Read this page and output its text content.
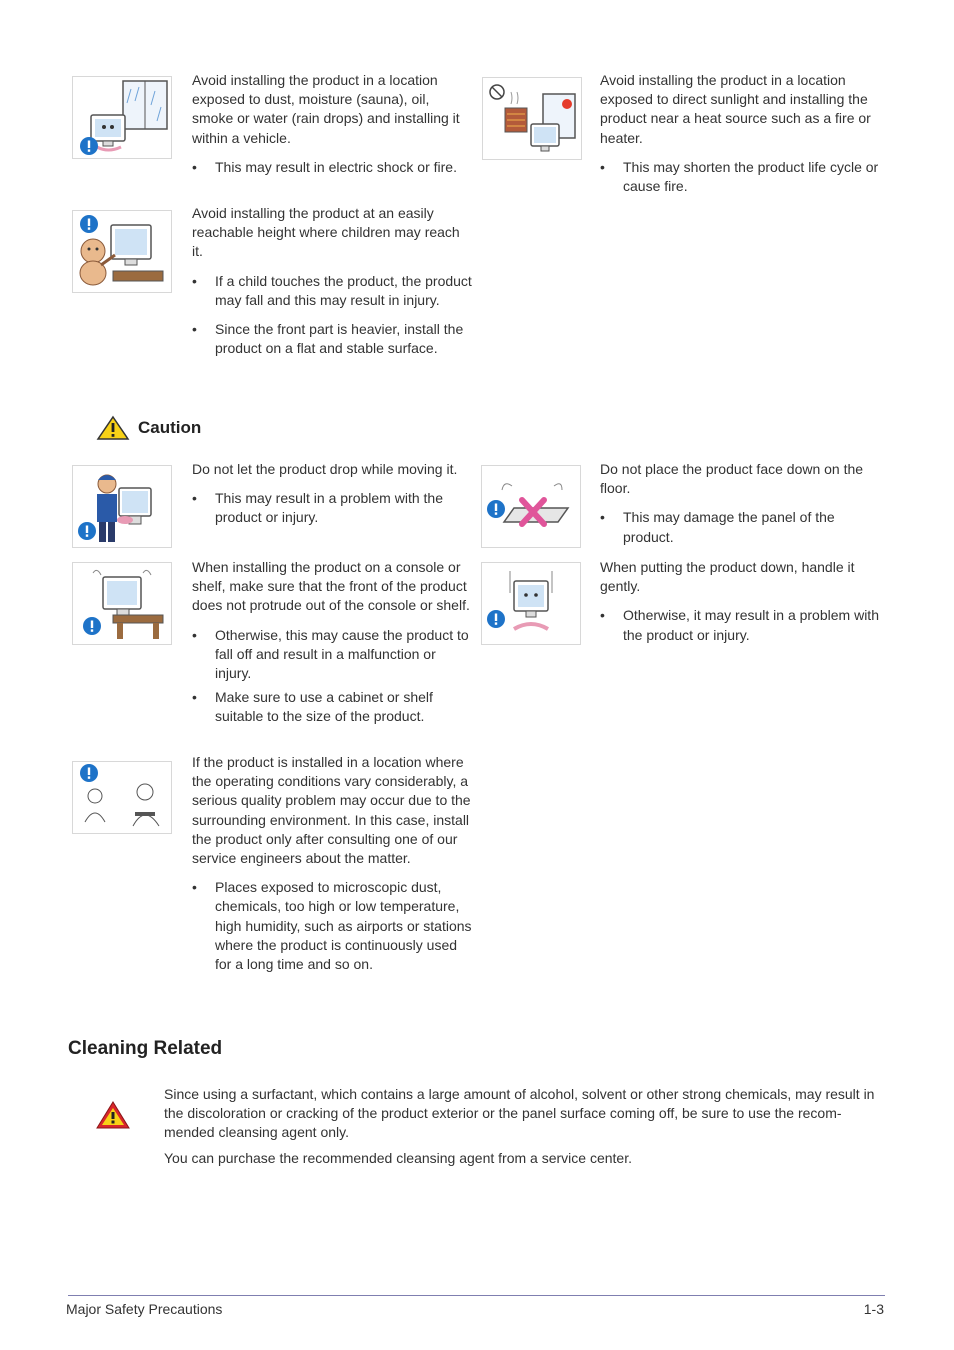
Avoid installing the product in a location exposed to dust, moisture (sauna), oil, smoke or water (rain drops) and installing it within a vehicle.

• This may result in electric shock or fire.

Avoid installing the product in a location exposed to direct sunlight and installing the product near a heat source such as a fire or heater.

• This may shorten the product life cycle or cause fire.

Avoid installing the product at an easily reachable height where children may reach it.

• If a child touches the product, the product may fall and this may result in injury.

• Since the front part is heavier, install the product on a flat and stable surface.

Caution

Do not let the product drop while moving it.

• This may result in a problem with the product or injury.

Do not place the product face down on the floor.

• This may damage the panel of the product.

When installing the product on a console or shelf, make sure that the front of the product does not protrude out of the console or shelf.

• Otherwise, this may cause the product to fall off and result in a malfunction or injury.

• Make sure to use a cabinet or shelf suitable to the size of the product.

When putting the product down, handle it gently.

• Otherwise, it may result in a problem with the product or injury.

If the product is installed in a location where the operating conditions vary considerably, a serious quality problem may occur due to the surrounding environment. In this case, install the product only after consulting one of our service engineers about the matter.

• Places exposed to microscopic dust, chemicals, too high or low temperature, high humidity, such as airports or stations where the product is continuously used for a long time and so on.

Cleaning Related

Since using a surfactant, which contains a large amount of alcohol, solvent or other strong chemicals, may result in the discoloration or cracking of the product exterior or the panel surface coming off, be sure to use the recom-mended cleansing agent only.

You can purchase the recommended cleansing agent from a service center.

Major Safety Precautions	1-3
